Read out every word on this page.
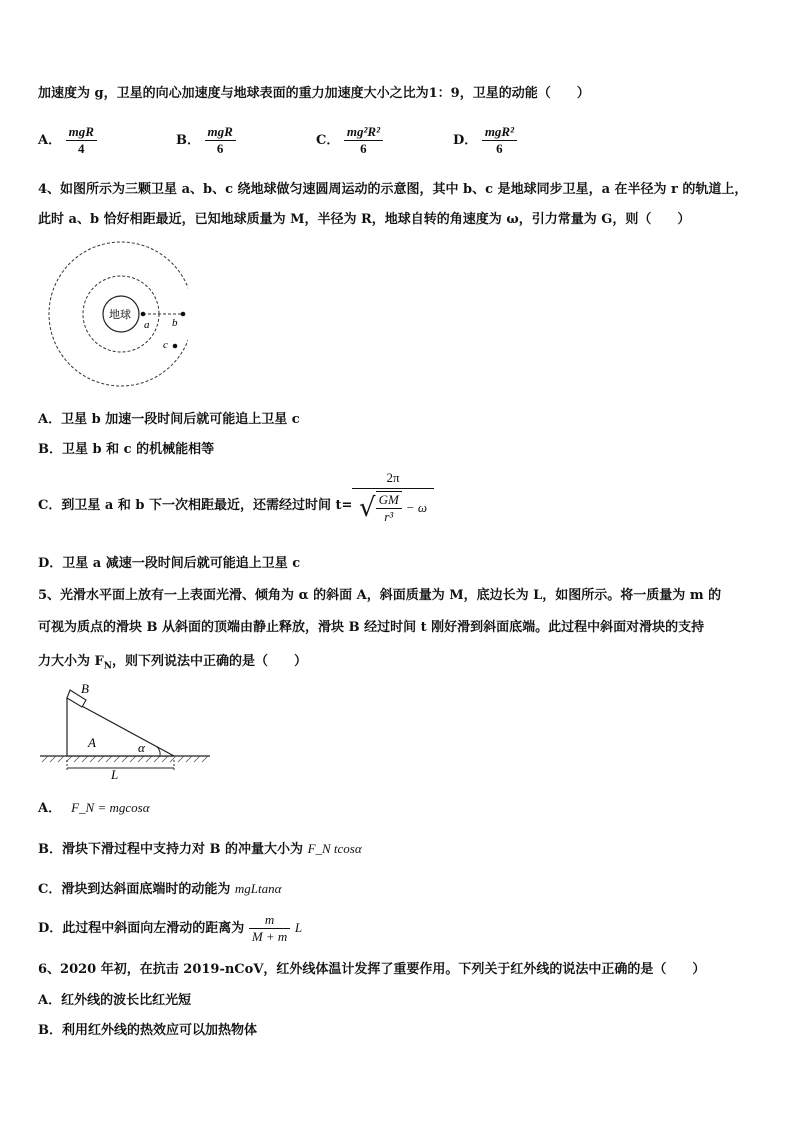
加速度为 g，卫星的向心加速度与地球表面的重力加速度大小之比为1：9，卫星的动能（　　）
A． $\frac{\text{mgR}}{4}$	B． $\frac{\text{mgR}}{6}$	C． $\frac{\text{mg²R²}}{6}$	D． $\frac{\text{mgR²}}{6}$
4、如图所示为三颗卫星 a、b、c 绕地球做匀速圆周运动的示意图，其中 b、c 是地球同步卫星，a 在半径为 r 的轨道上，
此时 a、b 恰好相距最近，已知地球质量为 M，半径为 R，地球自转的角速度为 ω，引力常量为 G，则（　　）
地球
a b
c
A．卫星 b 加速一段时间后就可能追上卫星 c
B．卫星 b 和 c 的机械能相等
C．到卫星 a 和 b 下一次相距最近，还需经过时间 t=
2π
√ $\frac{GM}{\text{r³}} - \omega$
D．卫星 a 减速一段时间后就可能追上卫星 c
5、光滑水平面上放有一上表面光滑、倾角为 α 的斜面 A，斜面质量为 M，底边长为 L，如图所示。将一质量为 m 的
可视为质点的滑块 B 从斜面的顶端由静止释放，滑块 B 经过时间 t 刚好滑到斜面底端。此过程中斜面对滑块的支持
力大小为 $F_N$，则下列说法中正确的是（　　）
B
A	α
L
A． F_N = mgcosα
B．滑块下滑过程中支持力对 B 的冲量大小为 F_N tcosα
C．滑块到达斜面底端时的动能为 mgLtanα
D．此过程中斜面向左滑动的距离为 $\frac{m}{M + m}$ L
6、2020 年初，在抗击 2019-nCoV，红外线体温计发挥了重要作用。下列关于红外线的说法中正确的是（　　）
A．红外线的波长比红光短
B．利用红外线的热效应可以加热物体
